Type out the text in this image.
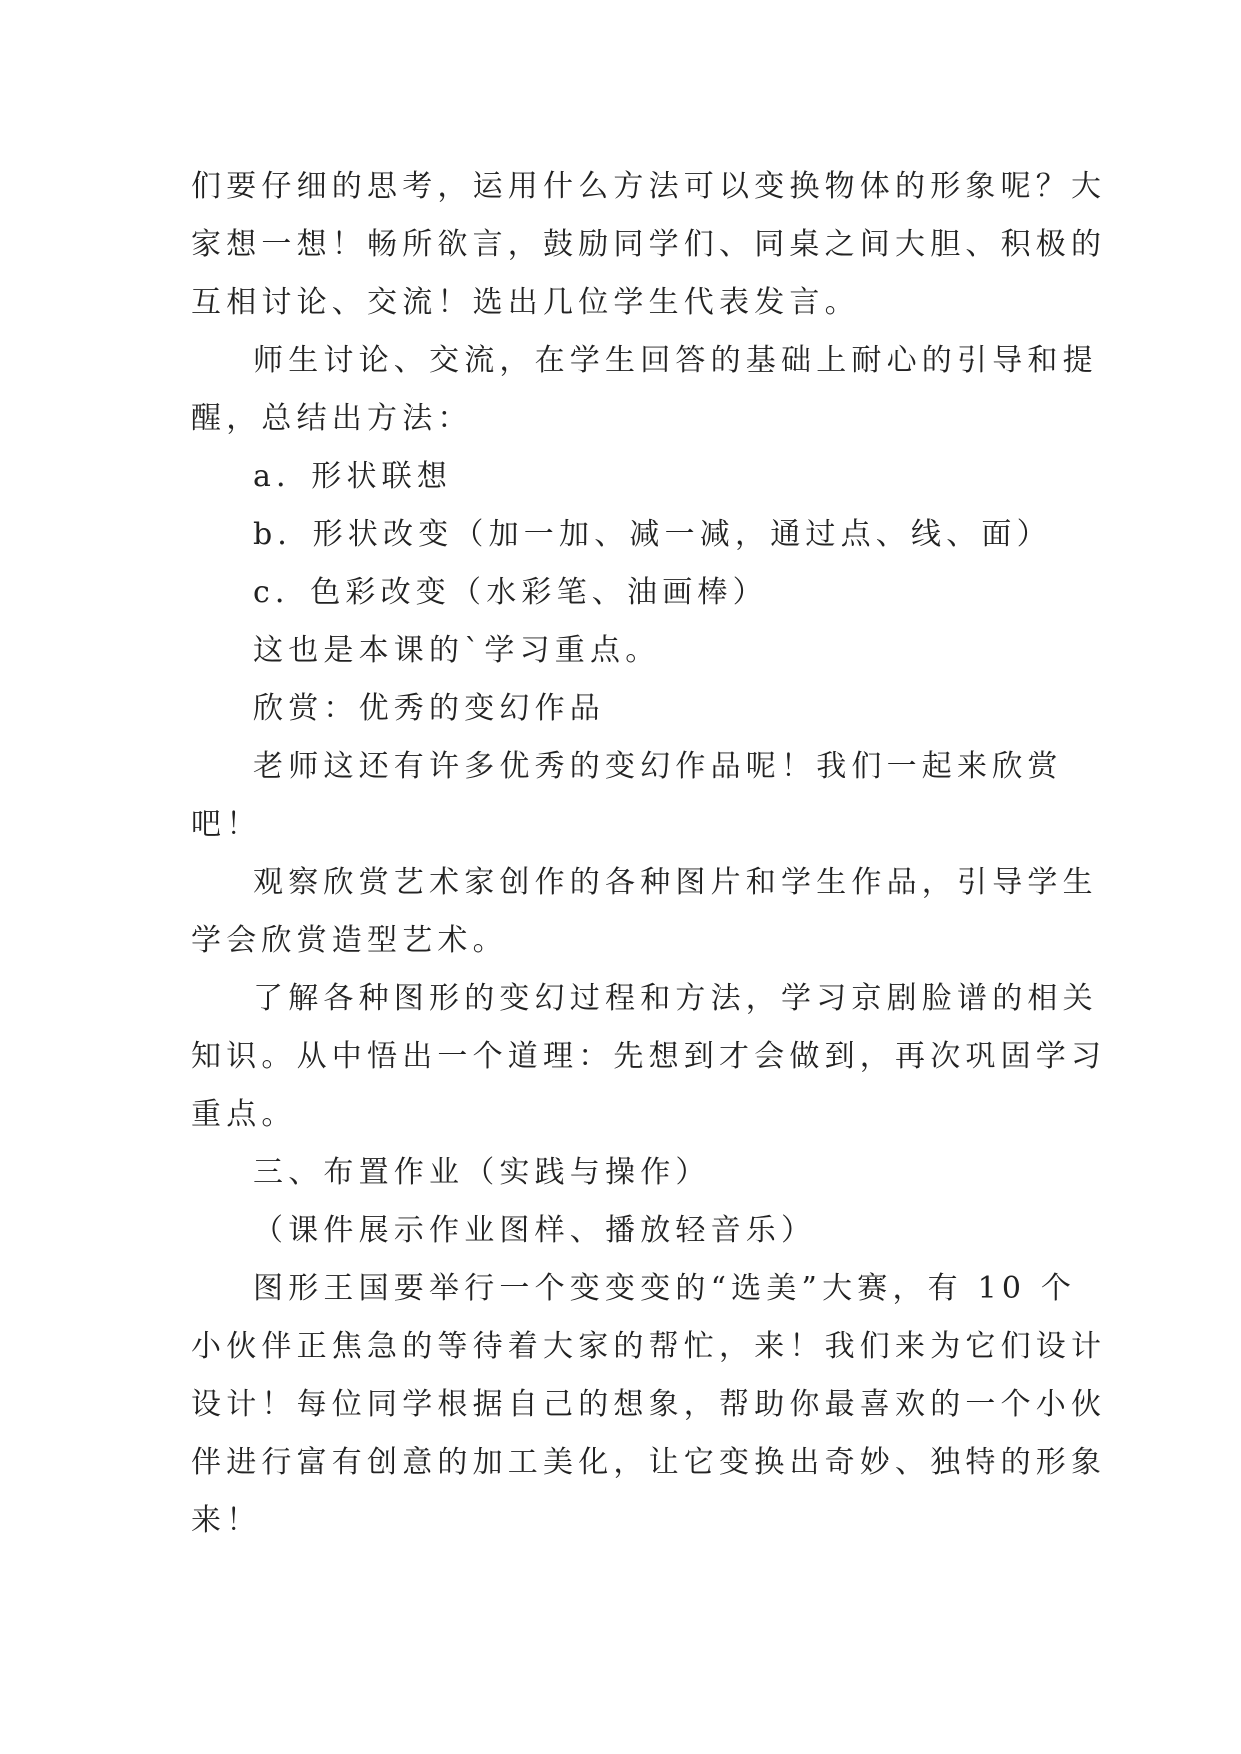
们要仔细的思考，运用什么方法可以变换物体的形象呢？大

家想一想！畅所欲言，鼓励同学们、同桌之间大胆、积极的

互相讨论、交流！选出几位学生代表发言。

师生讨论、交流，在学生回答的基础上耐心的引导和提

醒，总结出方法：

a．形状联想

b．形状改变（加一加、减一减，通过点、线、面）

c．色彩改变（水彩笔、油画棒）

这也是本课的`学习重点。

欣赏：优秀的变幻作品

老师这还有许多优秀的变幻作品呢！我们一起来欣赏

吧！

观察欣赏艺术家创作的各种图片和学生作品，引导学生

学会欣赏造型艺术。

了解各种图形的变幻过程和方法，学习京剧脸谱的相关

知识。从中悟出一个道理：先想到才会做到，再次巩固学习

重点。

三、布置作业（实践与操作）

（课件展示作业图样、播放轻音乐）

图形王国要举行一个变变变的“选美”大赛，有 10 个

小伙伴正焦急的等待着大家的帮忙，来！我们来为它们设计

设计！每位同学根据自己的想象，帮助你最喜欢的一个小伙

伴进行富有创意的加工美化，让它变换出奇妙、独特的形象

来！
